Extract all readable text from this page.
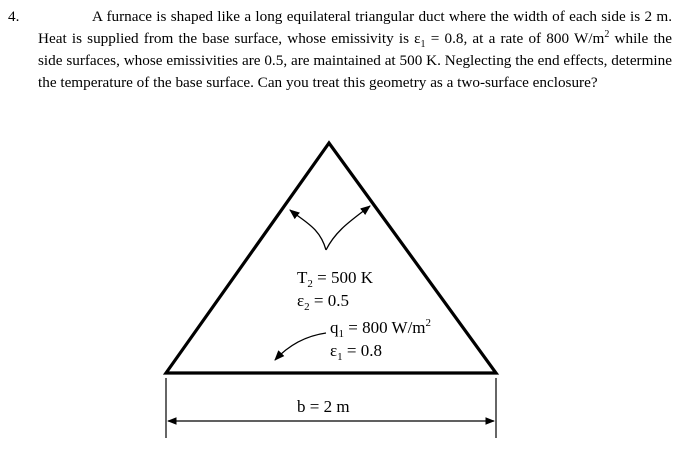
4.	A furnace is shaped like a long equilateral triangular duct where the width of each side is 2 m. Heat is supplied from the base surface, whose emissivity is $\varepsilon_1 = 0.8$, at a rate of 800 $W/m^2$ while the side surfaces, whose emissivities are 0.5, are maintained at 500 K. Neglecting the end effects, determine the temperature of the base surface. Can you treat this geometry as a two-surface enclosure?

$T_2 = 500$ K
$\varepsilon_2 = 0.5$
$q_1 = 800$ $W/m^2$
$\varepsilon_1 = 0.8$
b = 2 m
